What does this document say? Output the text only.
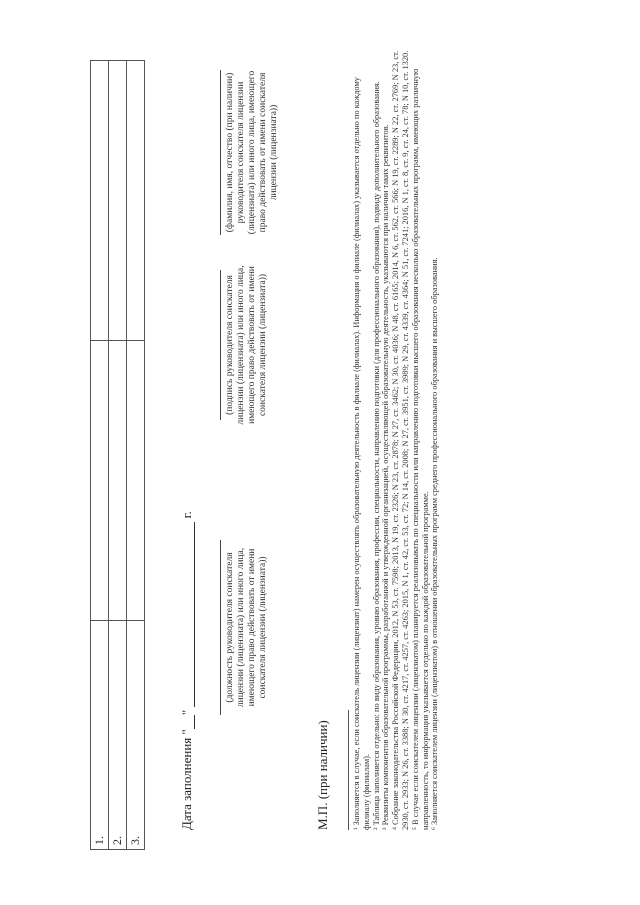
1.		
2.		
3.		
Дата заполнения " "   г.
(должность руководителя соискателя лицензии (лицензиата) или иного лица, имеющего право действовать от имени соискателя лицензии (лицензиата))
(подпись руководителя соискателя лицензии (лицензиата) или иного лица, имеющего право действовать от имени соискателя лицензии (лицензиата))
(фамилия, имя, отчество (при наличии) руководителя соискателя лицензии (лицензиата) или иного лица, имеющего право действовать от имени соискателя лицензии (лицензиата))
М.П. (при наличии)	¹ Заполняется в случае, если соискатель лицензии (лицензиат) намерен осуществлять образовательную деятельность в филиале (филиалах). Информация о филиале (филиалах) указывается отдельно по каждому филиалу (филиалам). ² Таблица заполняется отдельно: по виду образования, уровню образования, профессии, специальности, направлению подготовки (для профессионального образования), подвиду дополнительного образования. ³ Реквизиты компонентов образовательной программы, разработанной и утвержденной организацией, осуществляющей образовательную деятельность, указываются при наличии таких реквизитов. ⁴ Собрание законодательства Российской Федерации, 2012, N 53, ст. 7598; 2013, N 19, ст. 2326; N 23, ст. 2878; N 27, ст. 3462; N 30, ст. 4036; N 48, ст. 6165; 2014, N 6, ст. 562, ст. 566; N 19, ст. 2289; N 22, ст. 2769; N 23, ст. 2930, ст. 2933; N 26, ст. 3388; N 30, ст. 4217, ст. 4257, ст. 4263; 2015, N 1, ст. 42, ст. 53, ст. 72; N 14, ст. 2008; N 27, ст. 3951, ст. 3989; N 29, ст. 4339, ст. 4364; N 51, ст. 7241; 2016, N 1, ст. 8, ст. 9, ст. 24, ст. 78; N 10, ст. 1320. ⁵ В случае если соискателем лицензии (лицензиатом) планируется реализовывать по специальности или направлению подготовки высшего образования несколько образовательных программ, имеющих различную направленность, то информация указывается отдельно по каждой образовательной программе. ⁶ Заполняется соискателем лицензии (лицензиатом) в отношении образовательных программ среднего профессионального образования и высшего образования.
